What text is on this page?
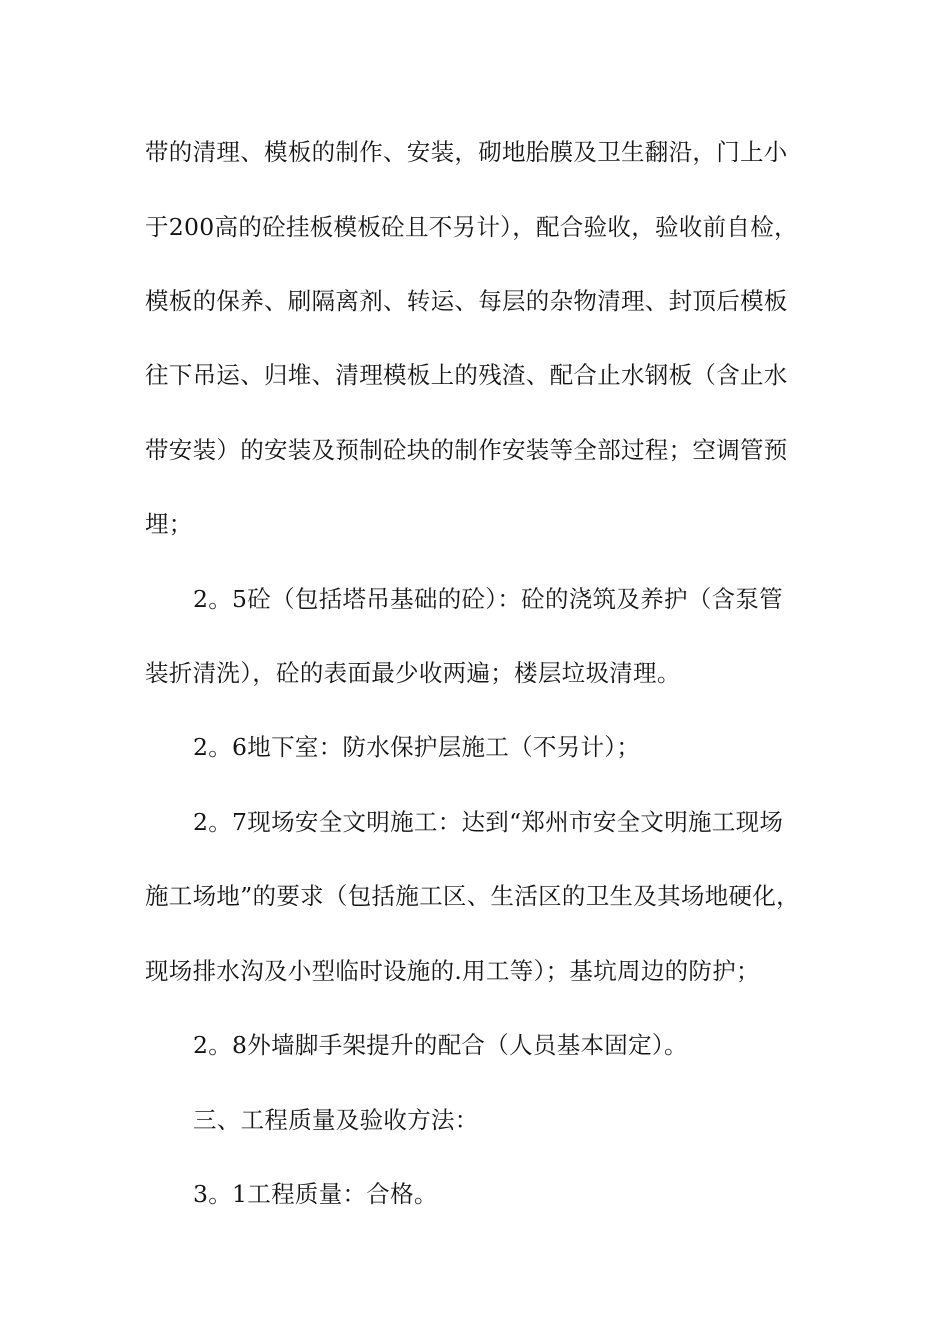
带的清理、模板的制作、安装，砌地胎膜及卫生翻沿，门上小
于200高的砼挂板模板砼且不另计），配合验收，验收前自检，
模板的保养、刷隔离剂、转运、每层的杂物清理、封顶后模板
往下吊运、归堆、清理模板上的残渣、配合止水钢板（含止水
带安装）的安装及预制砼块的制作安装等全部过程；空调管预
埋；
2。5砼（包括塔吊基础的砼）：砼的浇筑及养护（含泵管
装折清洗），砼的表面最少收两遍；楼层垃圾清理。
2。6地下室：防水保护层施工（不另计）；
2。7现场安全文明施工：达到“郑州市安全文明施工现场
施工场地”的要求（包括施工区、生活区的卫生及其场地硬化，
现场排水沟及小型临时设施的.用工等）；基坑周边的防护；
2。8外墙脚手架提升的配合（人员基本固定）。
三、工程质量及验收方法：
3。1工程质量：合格。
